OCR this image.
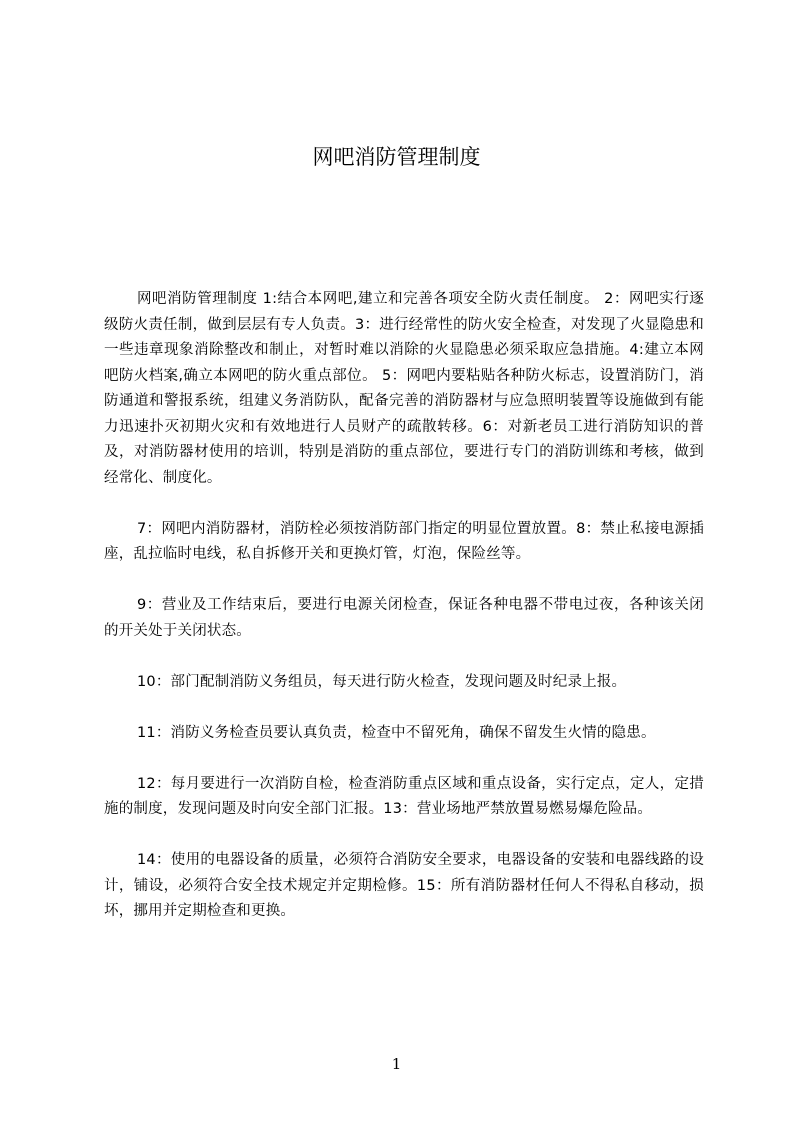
网吧消防管理制度

网吧消防管理制度 1:结合本网吧,建立和完善各项安全防火责任制度。 2：网吧实行逐级防火责任制，做到层层有专人负责。3：进行经常性的防火安全检查，对发现了火显隐患和一些违章现象消除整改和制止，对暂时难以消除的火显隐患必须采取应急措施。4:建立本网吧防火档案,确立本网吧的防火重点部位。 5：网吧内要粘贴各种防火标志，设置消防门，消防通道和警报系统，组建义务消防队，配备完善的消防器材与应急照明装置等设施做到有能力迅速扑灭初期火灾和有效地进行人员财产的疏散转移。6：对新老员工进行消防知识的普及，对消防器材使用的培训，特别是消防的重点部位，要进行专门的消防训练和考核，做到经常化、制度化。

7：网吧内消防器材，消防栓必须按消防部门指定的明显位置放置。8：禁止私接电源插座，乱拉临时电线，私自拆修开关和更换灯管，灯泡，保险丝等。

9：营业及工作结束后，要进行电源关闭检查，保证各种电器不带电过夜，各种该关闭的开关处于关闭状态。

10：部门配制消防义务组员，每天进行防火检查，发现问题及时纪录上报。

11：消防义务检查员要认真负责，检查中不留死角，确保不留发生火情的隐患。

12：每月要进行一次消防自检，检查消防重点区域和重点设备，实行定点，定人，定措施的制度，发现问题及时向安全部门汇报。13：营业场地严禁放置易燃易爆危险品。

14：使用的电器设备的质量，必须符合消防安全要求，电器设备的安装和电器线路的设计，铺设，必须符合安全技术规定并定期检修。15：所有消防器材任何人不得私自移动，损坏，挪用并定期检查和更换。

1
